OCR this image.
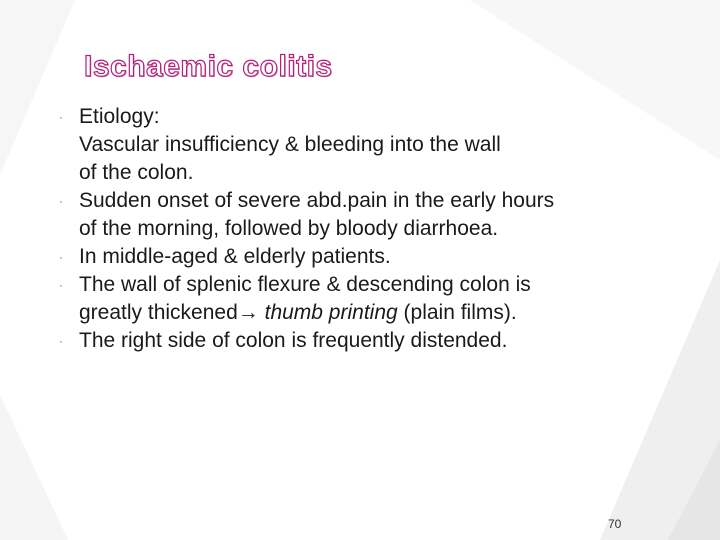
Ischaemic colitis
· Etiology:
Vascular insufficiency & bleeding into the wall
of the colon.
· Sudden onset of severe abd.pain in the early hours
of the morning, followed by bloody diarrhoea.
· In middle-aged & elderly patients.
· The wall of splenic flexure & descending colon is
greatly thickened→ thumb printing (plain films).
· The right side of colon is frequently distended.
70
